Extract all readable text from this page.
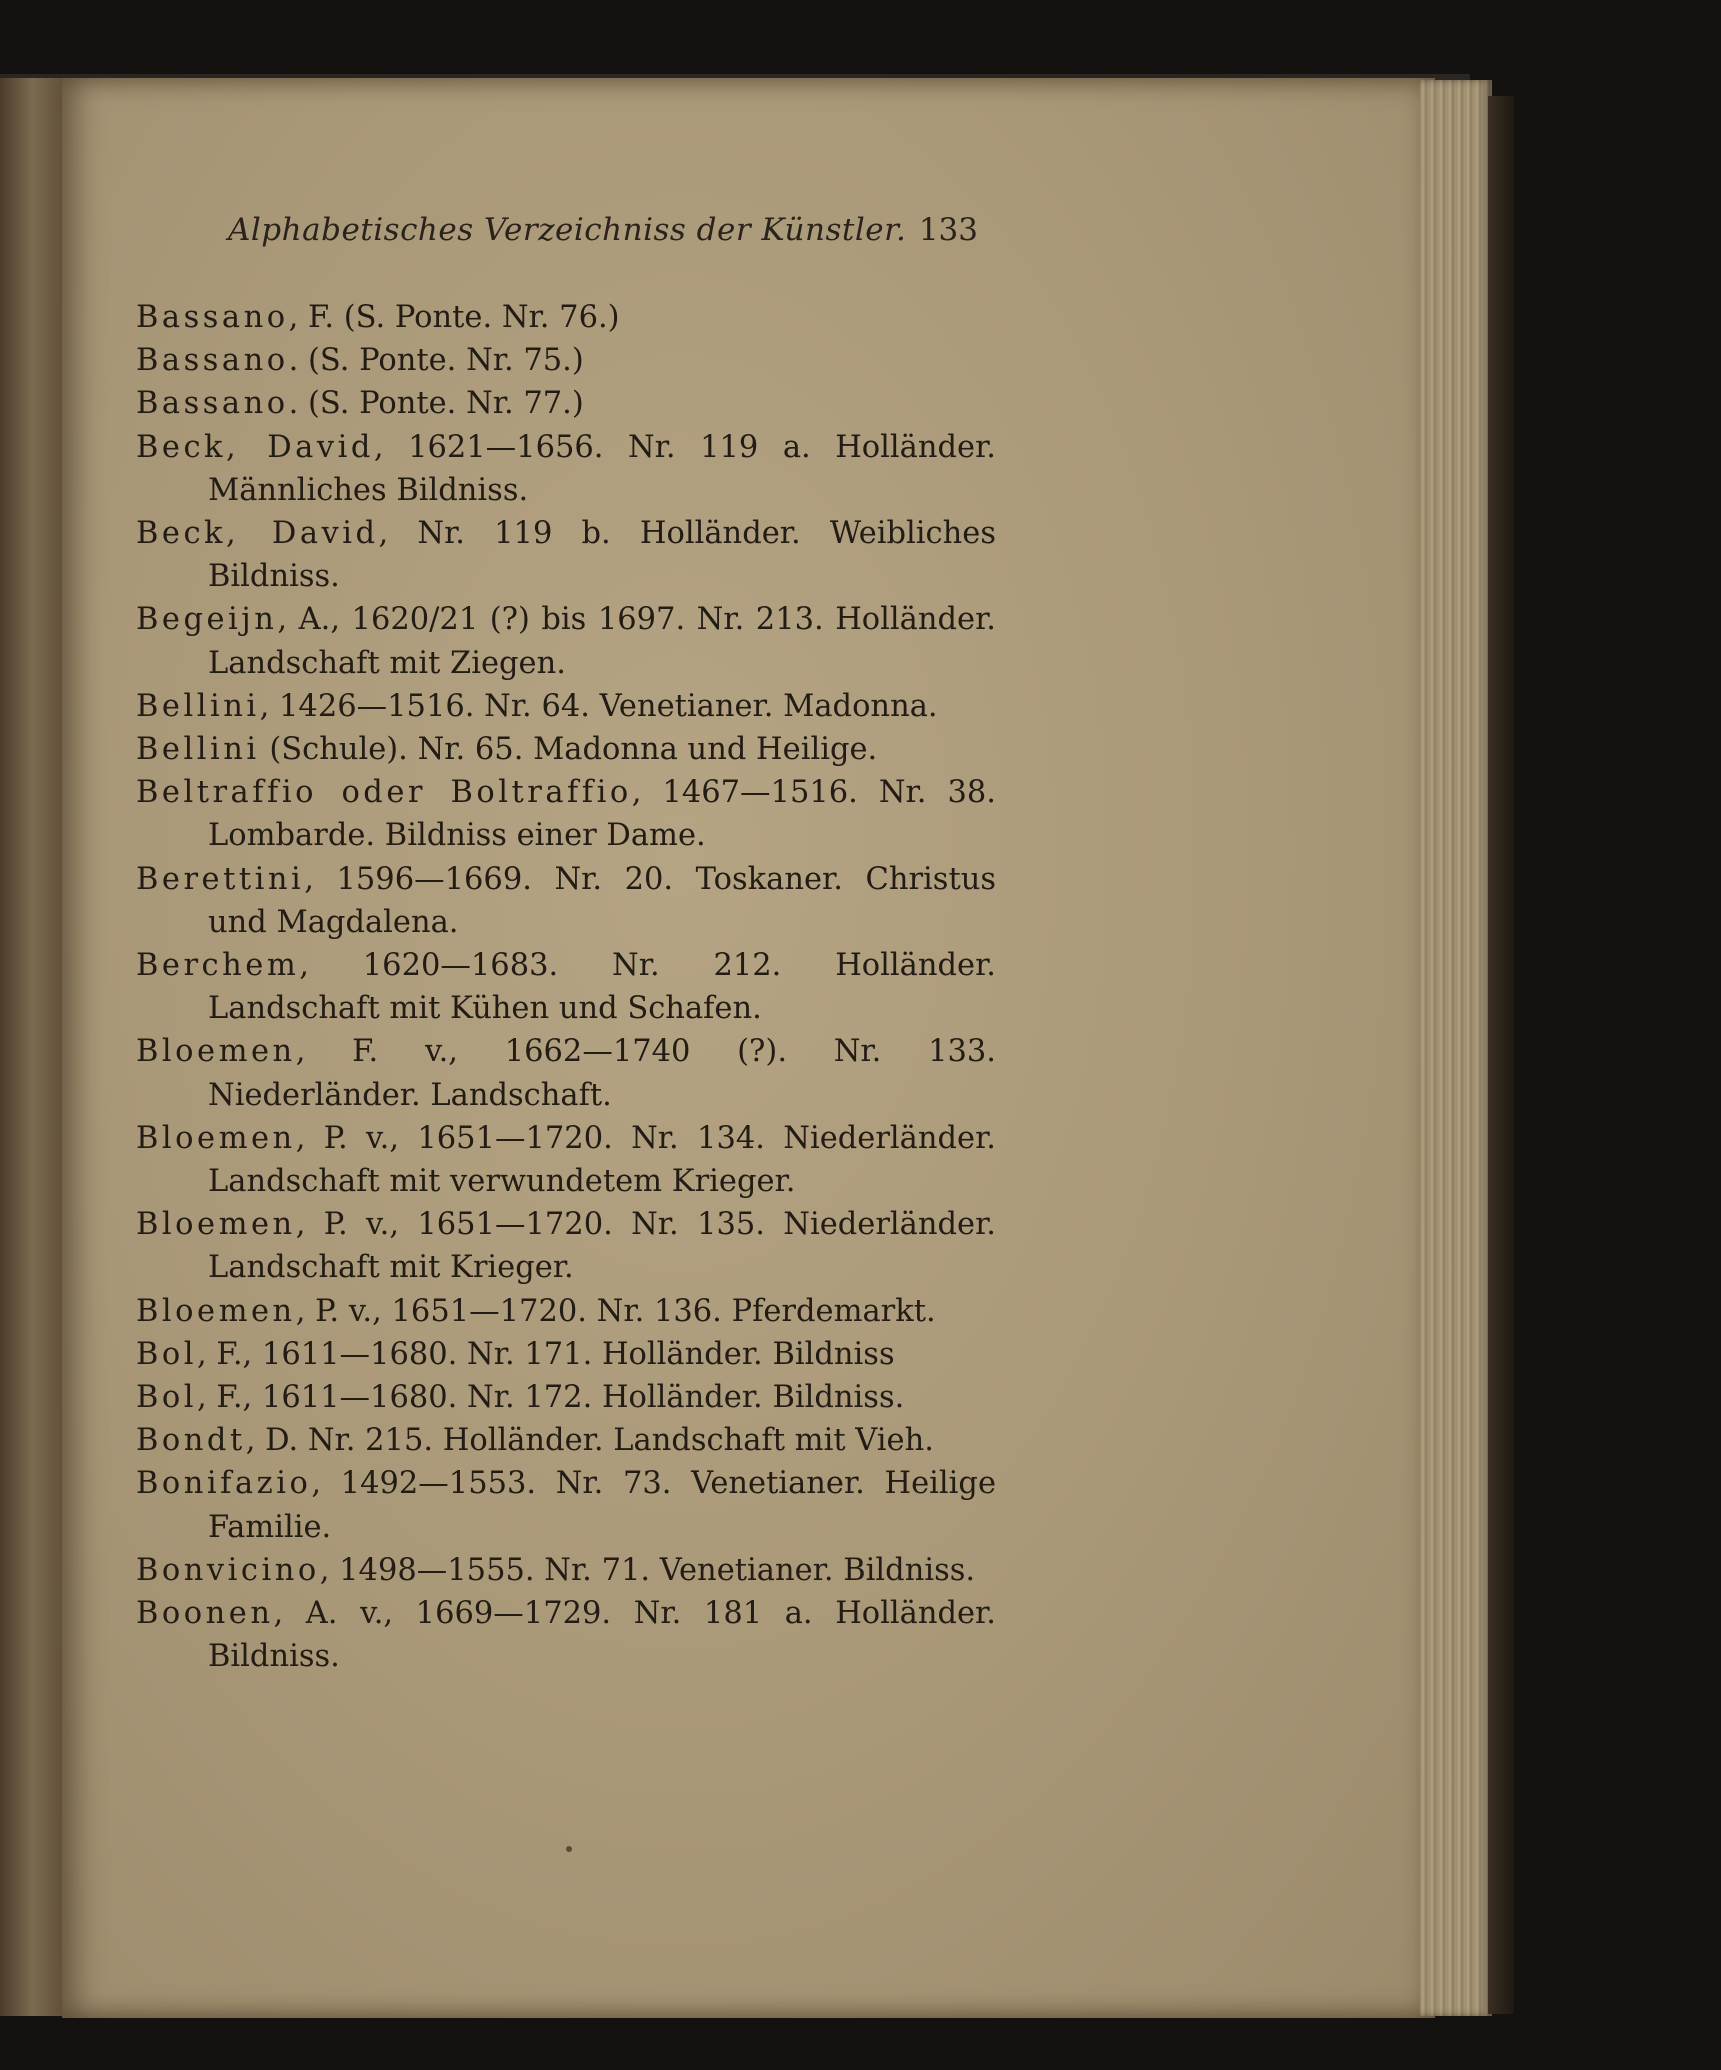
Alphabetisches Verzeichniss der Künstler. 133
Bassano, F. (S. Ponte. Nr. 76.)
Bassano. (S. Ponte. Nr. 75.)
Bassano. (S. Ponte. Nr. 77.)
Beck, David, 1621—1656. Nr. 119 a. Holländer. Männliches Bildniss.
Beck, David, Nr. 119 b. Holländer. Weibliches Bildniss.
Begeijn, A., 1620/21 (?) bis 1697. Nr. 213. Holländer. Landschaft mit Ziegen.
Bellini, 1426—1516. Nr. 64. Venetianer. Madonna.
Bellini (Schule). Nr. 65. Madonna und Heilige.
Beltraffio oder Boltraffio, 1467—1516. Nr. 38. Lombarde. Bildniss einer Dame.
Berettini, 1596—1669. Nr. 20. Toskaner. Christus und Magdalena.
Berchem, 1620—1683. Nr. 212. Holländer. Landschaft mit Kühen und Schafen.
Bloemen, F. v., 1662—1740 (?). Nr. 133. Niederländer. Landschaft.
Bloemen, P. v., 1651—1720. Nr. 134. Niederländer. Landschaft mit verwundetem Krieger.
Bloemen, P. v., 1651—1720. Nr. 135. Niederländer. Landschaft mit Krieger.
Bloemen, P. v., 1651—1720. Nr. 136. Pferdemarkt.
Bol, F., 1611—1680. Nr. 171. Holländer. Bildniss
Bol, F., 1611—1680. Nr. 172. Holländer. Bildniss.
Bondt, D. Nr. 215. Holländer. Landschaft mit Vieh.
Bonifazio, 1492—1553. Nr. 73. Venetianer. Heilige Familie.
Bonvicino, 1498—1555. Nr. 71. Venetianer. Bildniss.
Boonen, A. v., 1669—1729. Nr. 181 a. Holländer. Bildniss.
